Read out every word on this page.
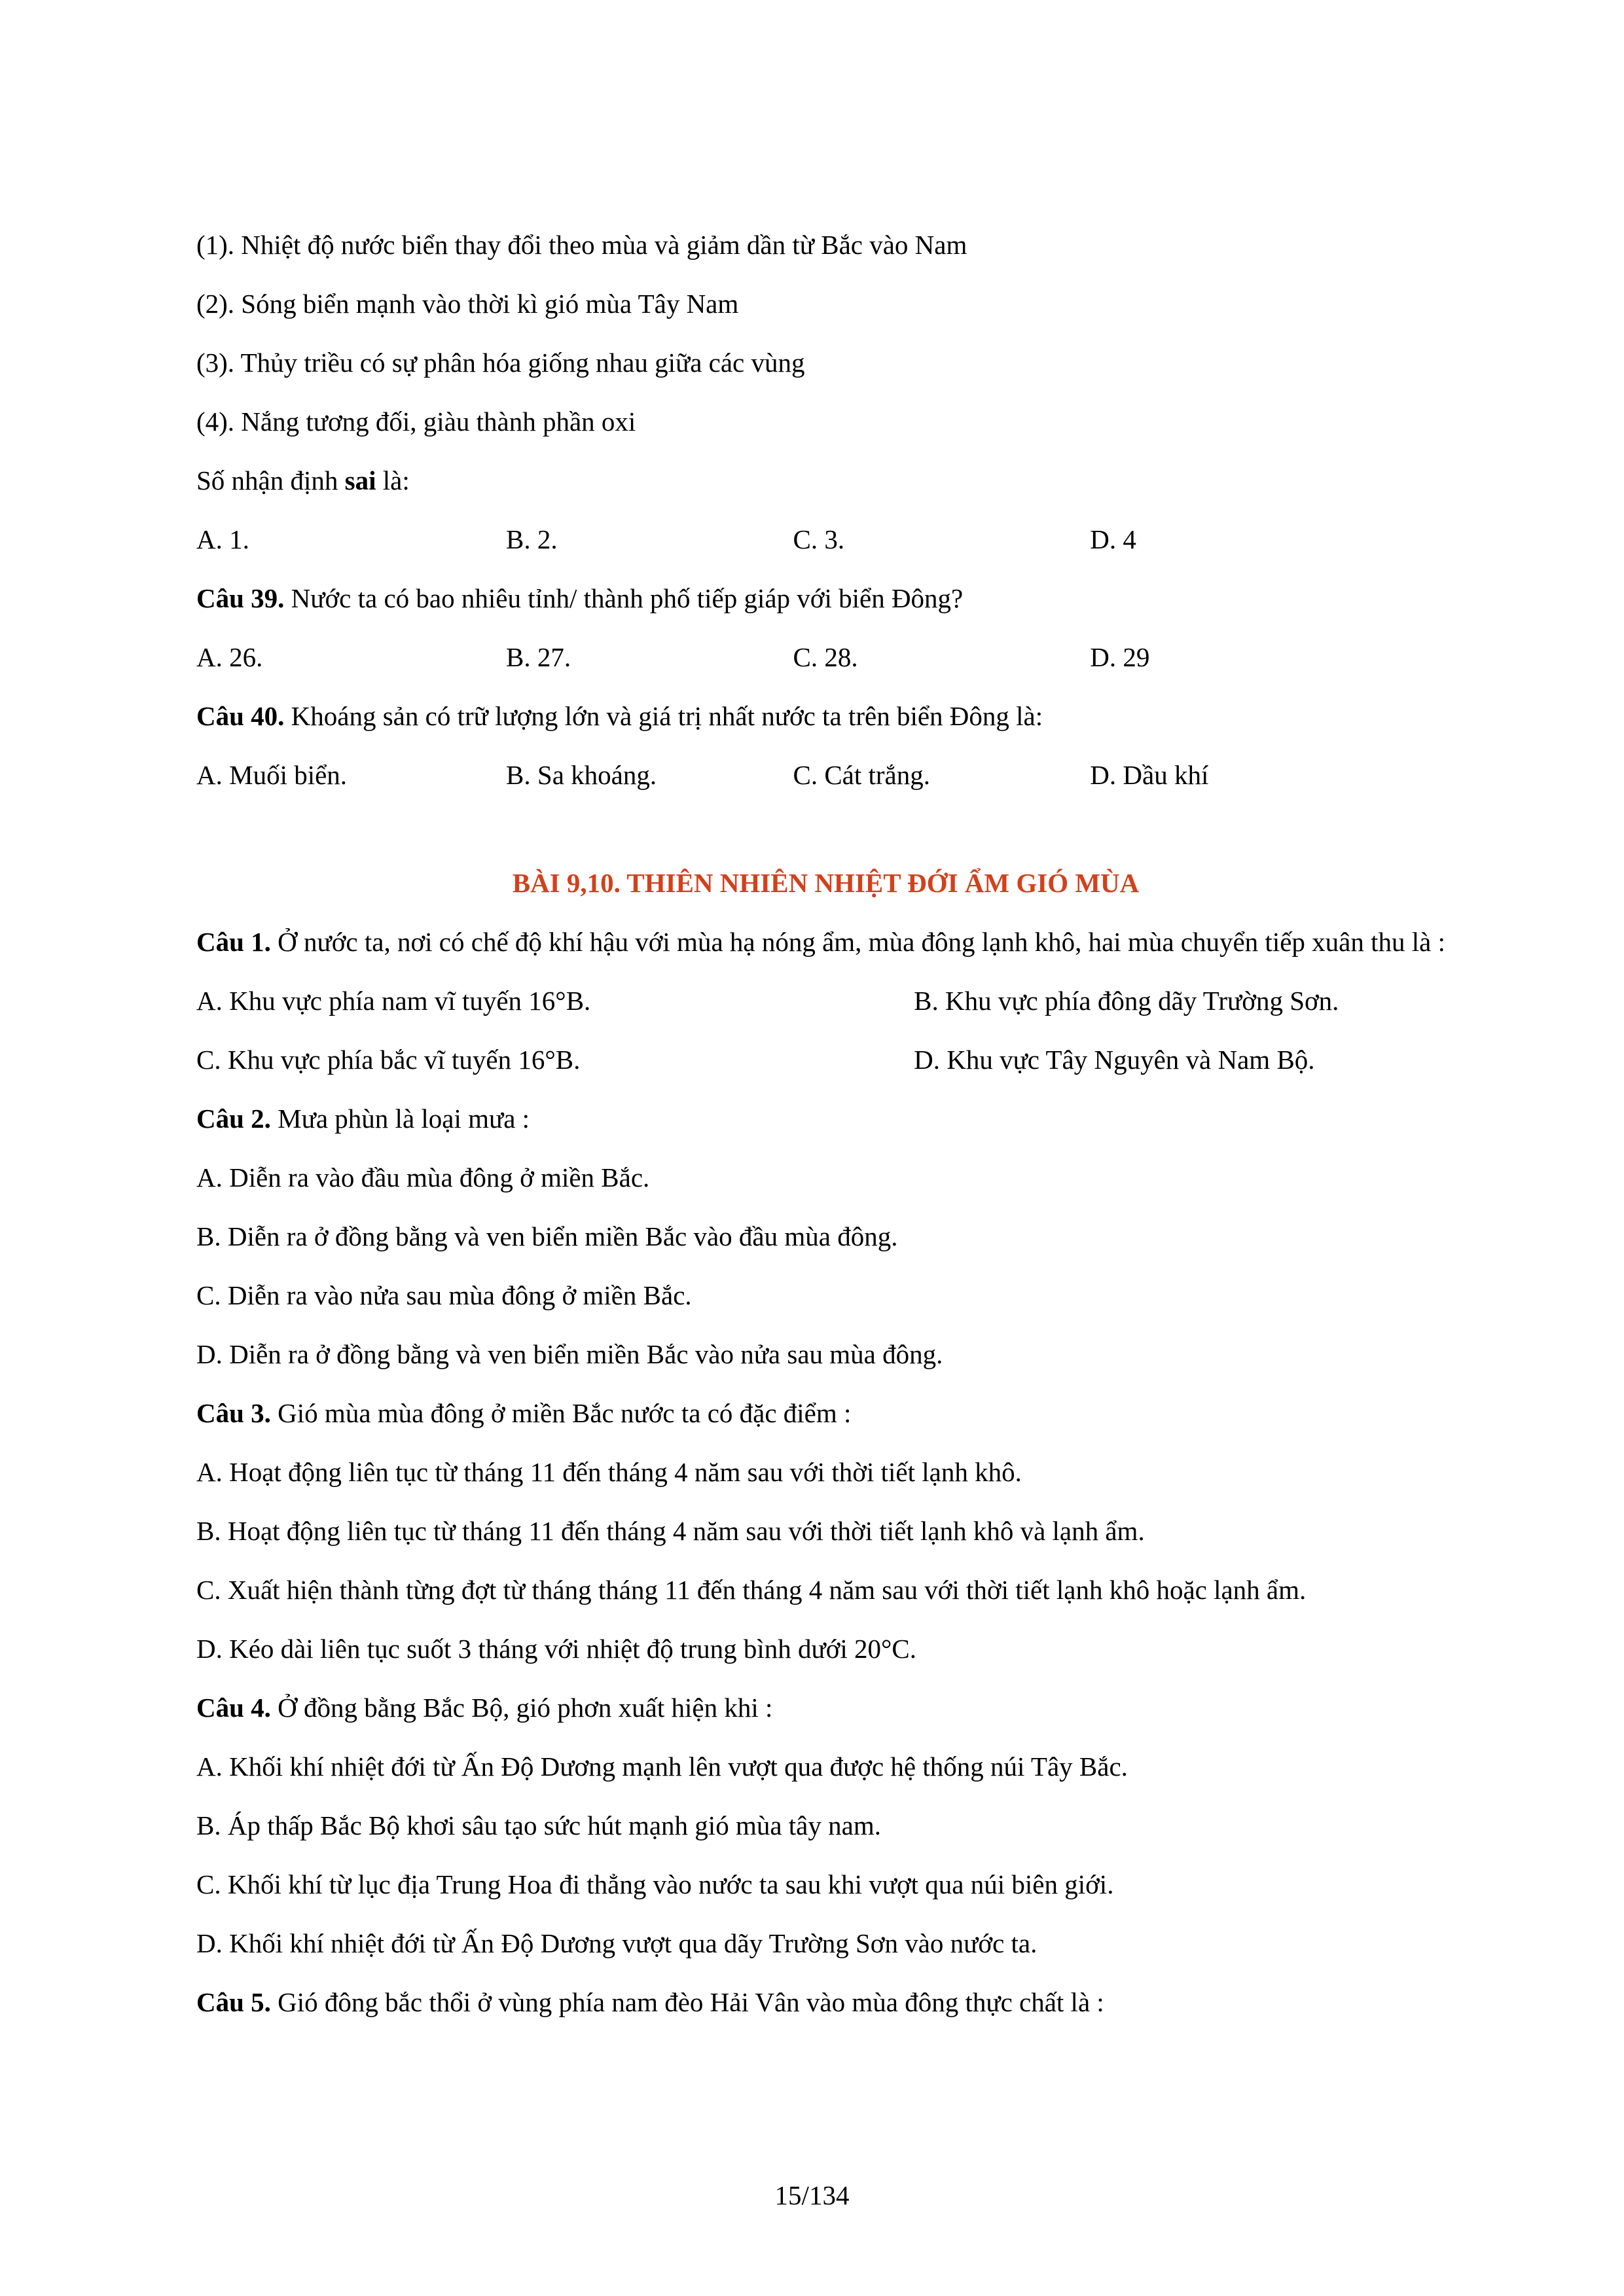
(1). Nhiệt độ nước biển thay đổi theo mùa và giảm dần từ Bắc vào Nam

(2). Sóng biển mạnh vào thời kì gió mùa Tây Nam

(3). Thủy triều có sự phân hóa giống nhau giữa các vùng

(4). Nắng tương đối, giàu thành phần oxi

Số nhận định sai là:

A. 1.	B. 2.	C. 3.	D. 4

Câu 39. Nước ta có bao nhiêu tỉnh/ thành phố tiếp giáp với biển Đông?

A. 26.	B. 27.	C. 28.	D. 29

Câu 40. Khoáng sản có trữ lượng lớn và giá trị nhất nước ta trên biển Đông là:

A. Muối biển.	B. Sa khoáng.	C. Cát trắng.	D. Dầu khí
BÀI 9,10. THIÊN NHIÊN NHIỆT ĐỚI ẨM GIÓ MÙA

Câu 1. Ở nước ta, nơi có chế độ khí hậu với mùa hạ nóng ẩm, mùa đông lạnh khô, hai mùa chuyển tiếp xuân thu là :

A. Khu vực phía nam vĩ tuyến 16°B.	B. Khu vực phía đông dãy Trường Sơn.
C. Khu vực phía bắc vĩ tuyến 16°B.	D. Khu vực Tây Nguyên và Nam Bộ.

Câu 2. Mưa phùn là loại mưa :

A. Diễn ra vào đầu mùa đông ở miền Bắc.

B. Diễn ra ở đồng bằng và ven biển miền Bắc vào đầu mùa đông.

C. Diễn ra vào nửa sau mùa đông ở miền Bắc.

D. Diễn ra ở đồng bằng và ven biển miền Bắc vào nửa sau mùa đông.

Câu 3. Gió mùa mùa đông ở miền Bắc nước ta có đặc điểm :

A. Hoạt động liên tục từ tháng 11 đến tháng 4 năm sau với thời tiết lạnh khô.

B. Hoạt động liên tục từ tháng 11 đến tháng 4 năm sau với thời tiết lạnh khô và lạnh ẩm.

C. Xuất hiện thành từng đợt từ tháng tháng 11 đến tháng 4 năm sau với thời tiết lạnh khô hoặc lạnh ẩm.

D. Kéo dài liên tục suốt 3 tháng với nhiệt độ trung bình dưới 20°C.

Câu 4. Ở đồng bằng Bắc Bộ, gió phơn xuất hiện khi :

A. Khối khí nhiệt đới từ Ấn Độ Dương mạnh lên vượt qua được hệ thống núi Tây Bắc.

B. Áp thấp Bắc Bộ khơi sâu tạo sức hút mạnh gió mùa tây nam.

C. Khối khí từ lục địa Trung Hoa đi thẳng vào nước ta sau khi vượt qua núi biên giới.

D. Khối khí nhiệt đới từ Ấn Độ Dương vượt qua dãy Trường Sơn vào nước ta.

Câu 5. Gió đông bắc thổi ở vùng phía nam đèo Hải Vân vào mùa đông thực chất là :

15/134
